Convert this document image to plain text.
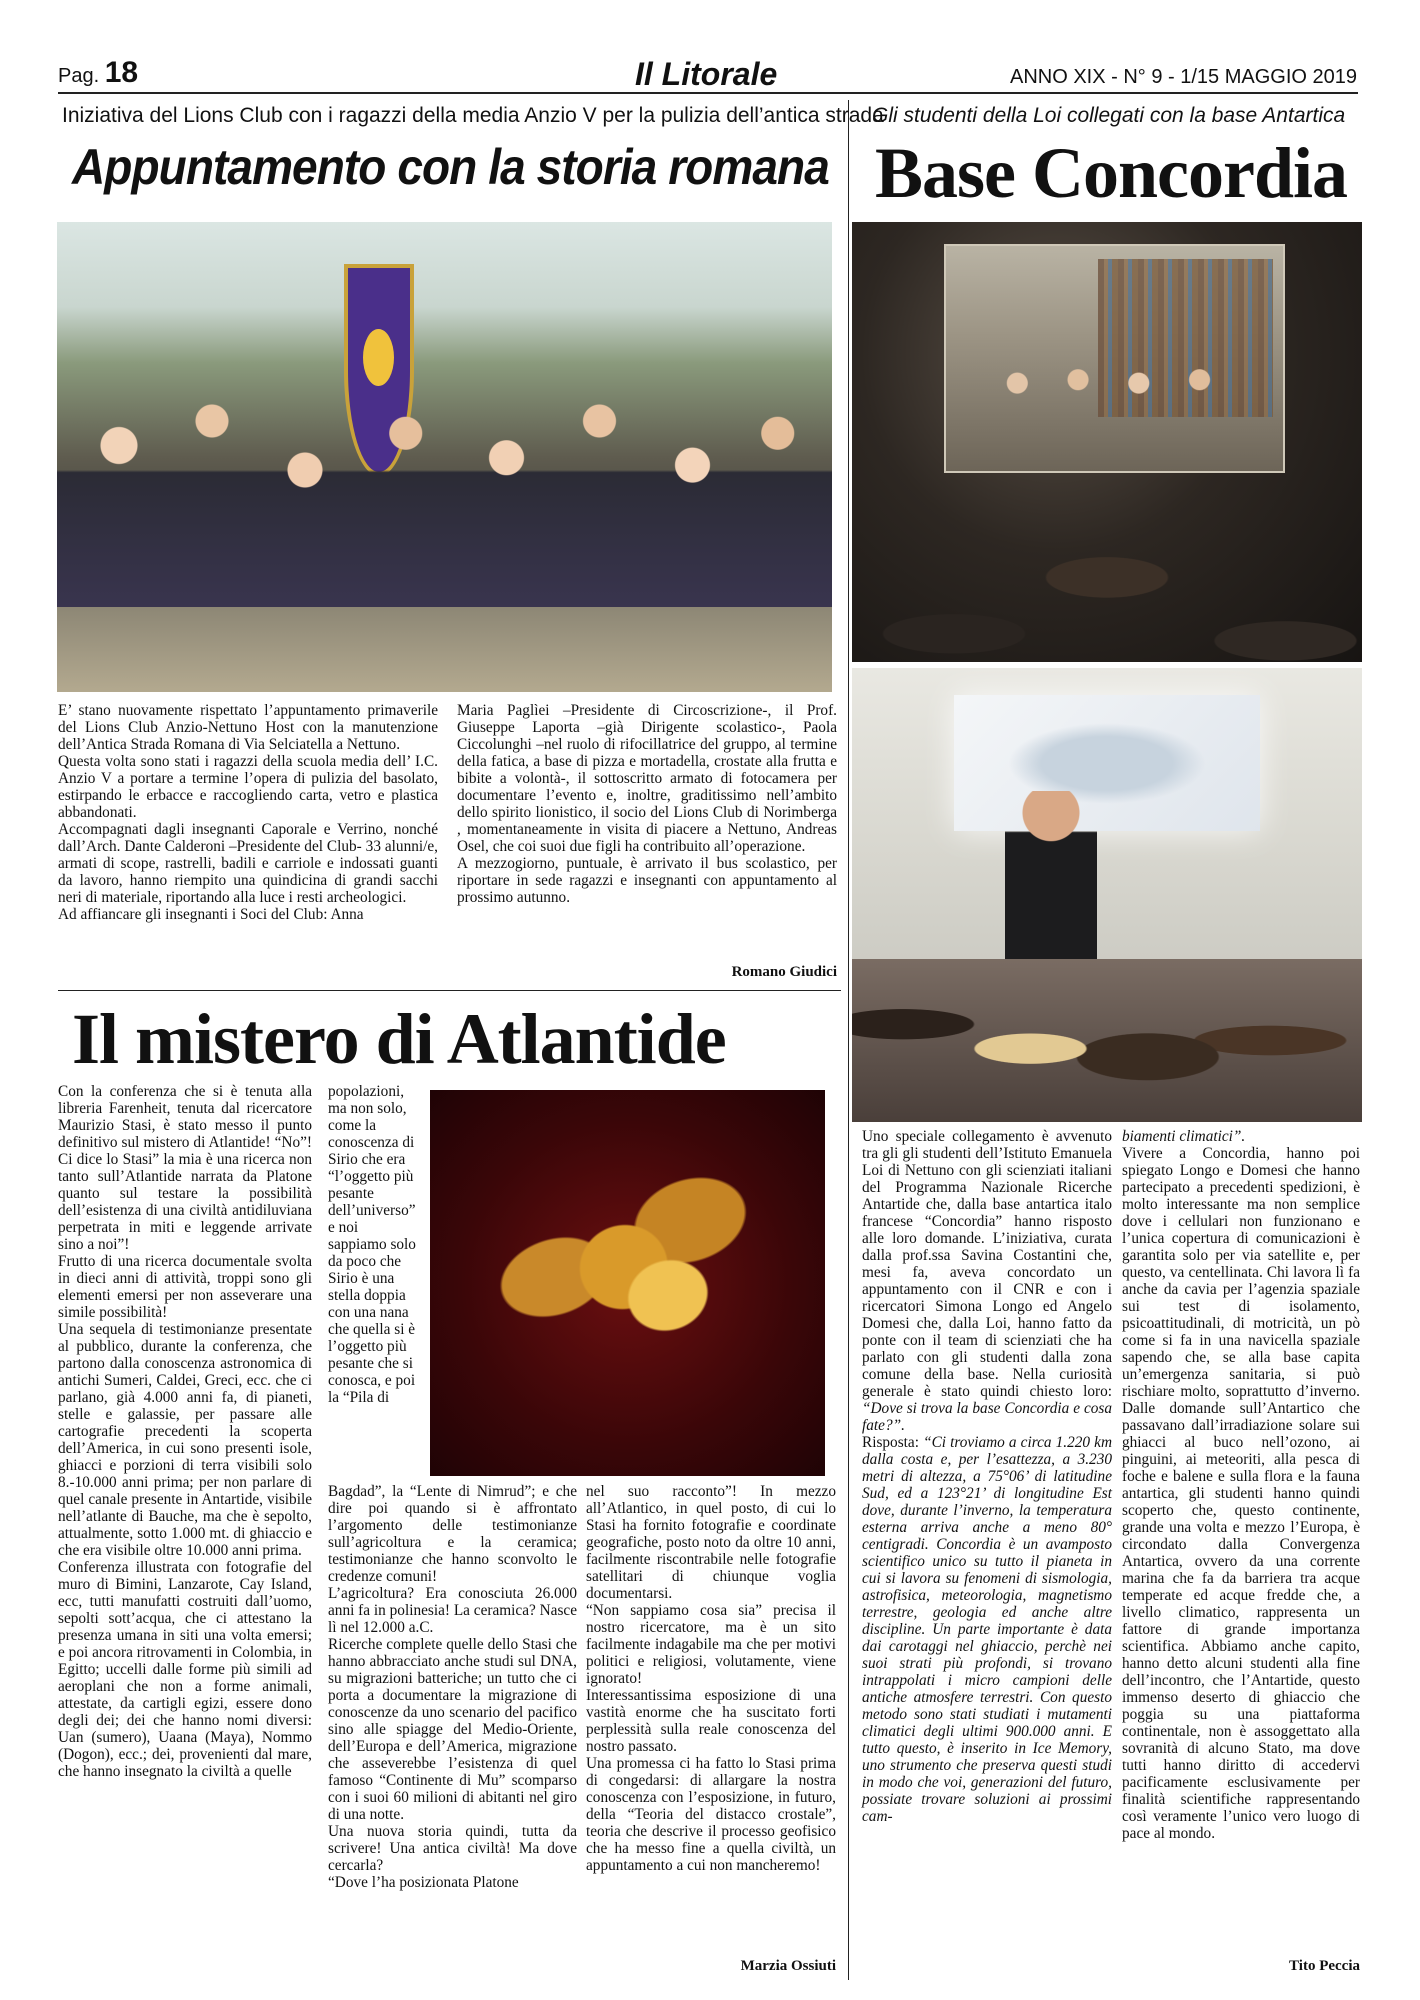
Pag. 18	Il Litorale	ANNO XIX - N° 9 - 1/15 MAGGIO 2019
Iniziativa del Lions Club con i ragazzi della media Anzio V per la pulizia dell’antica strada
Appuntamento con la storia romana

E’ stano nuovamente rispettato l’appuntamento primaverile del Lions Club Anzio-Nettuno Host con la manutenzione dell’Antica Strada Romana di Via Selciatella a Nettuno.

Questa volta sono stati i ragazzi della scuola media dell’ I.C. Anzio V a portare a termine l’opera di pulizia del basolato, estirpando le erbacce e raccogliendo carta, vetro e plastica abbandonati.

Accompagnati dagli insegnanti Caporale e Verrino, nonché dall’Arch. Dante Calderoni –Presidente del Club- 33 alunni/e, armati di scope, rastrelli, badili e carriole e indossati guanti da lavoro, hanno riempito una quindicina di grandi sacchi neri di materiale, riportando alla luce i resti archeologici.

Ad affiancare gli insegnanti i Soci del Club: Anna

Maria Paglìei –Presidente di Circoscrizione-, il Prof. Giuseppe Laporta –già Dirigente scolastico-, Paola Ciccolunghi –nel ruolo di rifocillatrice del gruppo, al termine della fatica, a base di pizza e mortadella, crostate alla frutta e bibite a volontà-, il sottoscritto armato di fotocamera per documentare l’evento e, inoltre, graditissimo nell’ambito dello spirito lionistico, il socio del Lions Club di Norimberga , momentaneamente in visita di piacere a Nettuno, Andreas Osel, che coi suoi due figli ha contribuito all’operazione.

A mezzogiorno, puntuale, è arrivato il bus scolastico, per riportare in sede ragazzi e insegnanti con appuntamento al prossimo autunno.

Romano Giudici
Il mistero di Atlantide

Con la conferenza che si è tenuta alla libreria Farenheit, tenuta dal ricercatore Maurizio Stasi, è stato messo il punto definitivo sul mistero di Atlantide! “No”! Ci dice lo Stasi” la mia è una ricerca non tanto sull’Atlantide narrata da Platone quanto sul testare la possibilità dell’esistenza di una civiltà antidiluviana perpetrata in miti e leggende arrivate sino a noi”!

Frutto di una ricerca documentale svolta in dieci anni di attività, troppi sono gli elementi emersi per non asseverare una simile possibilità!

Una sequela di testimonianze presentate al pubblico, durante la conferenza, che partono dalla conoscenza astronomica di antichi Sumeri, Caldei, Greci, ecc. che ci parlano, già 4.000 anni fa, di pianeti, stelle e galassie, per passare alle cartografie precedenti la scoperta dell’America, in cui sono presenti isole, ghiacci e porzioni di terra visibili solo 8.-10.000 anni prima; per non parlare di quel canale presente in Antartide, visibile nell’atlante di Bauche, ma che è sepolto, attualmente, sotto 1.000 mt. di ghiaccio e che era visibile oltre 10.000 anni prima.

Conferenza illustrata con fotografie del muro di Bimini, Lanzarote, Cay Island, ecc, tutti manufatti costruiti dall’uomo, sepolti sott’acqua, che ci attestano la presenza umana in siti una volta emersi; e poi ancora ritrovamenti in Colombia, in Egitto; uccelli dalle forme più simili ad aeroplani che non a forme animali, attestate, da cartigli egizi, essere dono degli dei; dei che hanno nomi diversi: Uan (sumero), Uaana (Maya), Nommo (Dogon), ecc.; dei, provenienti dal mare, che hanno insegnato la civiltà a quelle

popolazioni, ma non solo, come la conoscenza di Sirio che era “l’oggetto più pesante dell’universo” e noi sappiamo solo da poco che Sirio è una stella doppia con una nana che quella si è l’oggetto più pesante che si conosca, e poi la “Pila di

Bagdad”, la “Lente di Nimrud”; e che dire poi quando si è affrontato l’argomento delle testimonianze sull’agricoltura e la ceramica; testimonianze che hanno sconvolto le credenze comuni!

L’agricoltura? Era conosciuta 26.000 anni fa in polinesia! La ceramica? Nasce lì nel 12.000 a.C.

Ricerche complete quelle dello Stasi che hanno abbracciato anche studi sul DNA, su migrazioni batteriche; un tutto che ci porta a documentare la migrazione di conoscenze da uno scenario del pacifico sino alle spiagge del Medio-Oriente, dell’Europa e dell’America, migrazione che asseverebbe l’esistenza di quel famoso “Continente di Mu” scomparso con i suoi 60 milioni di abitanti nel giro di una notte.

Una nuova storia quindi, tutta da scrivere! Una antica civiltà! Ma dove cercarla?

“Dove l’ha posizionata Platone

nel suo racconto”! In mezzo all’Atlantico, in quel posto, di cui lo Stasi ha fornito fotografie e coordinate geografiche, posto noto da oltre 10 anni, facilmente riscontrabile nelle fotografie satellitari di chiunque voglia documentarsi.

“Non sappiamo cosa sia” precisa il nostro ricercatore, ma è un sito facilmente indagabile ma che per motivi politici e religiosi, volutamente, viene ignorato!

Interessantissima esposizione di una vastità enorme che ha suscitato forti perplessità sulla reale conoscenza del nostro passato.

Una promessa ci ha fatto lo Stasi prima di congedarsi: di allargare la nostra conoscenza con l’esposizione, in futuro, della “Teoria del distacco crostale”, teoria che descrive il processo geofisico che ha messo fine a quella civiltà, un appuntamento a cui non mancheremo!

Marzia Ossiuti
Gli studenti della Loi collegati con la base Antartica
Base Concordia

Uno speciale collegamento è avvenuto tra gli gli studenti dell’Istituto Emanuela Loi di Nettuno con gli scienziati italiani del Programma Nazionale Ricerche Antartide che, dalla base antartica italo francese “Concordia” hanno risposto alle loro domande. L’iniziativa, curata dalla prof.ssa Savina Costantini che, mesi fa, aveva concordato un appuntamento con il CNR e con i ricercatori Simona Longo ed Angelo Domesi che, dalla Loi, hanno fatto da ponte con il team di scienziati che ha parlato con gli studenti dalla zona comune della base. Nella curiosità generale è stato quindi chiesto loro: “Dove si trova la base Concordia e cosa fate?”.

Risposta: “Ci troviamo a circa 1.220 km dalla costa e, per l’esattezza, a 3.230 metri di altezza, a 75°06’ di latitudine Sud, ed a 123°21’ di longitudine Est dove, durante l’inverno, la temperatura esterna arriva anche a meno 80° centigradi. Concordia è un avamposto scientifico unico su tutto il pianeta in cui si lavora su fenomeni di sismologia, astrofisica, meteorologia, magnetismo terrestre, geologia ed anche altre discipline. Un parte importante è data dai carotaggi nel ghiaccio, perchè nei suoi strati più profondi, si trovano intrappolati i micro campioni delle antiche atmosfere terrestri. Con questo metodo sono stati studiati i mutamenti climatici degli ultimi 900.000 anni. E tutto questo, è inserito in Ice Memory, uno strumento che preserva questi studi in modo che voi, generazioni del futuro, possiate trovare soluzioni ai prossimi cam-

biamenti climatici”.

Vivere a Concordia, hanno poi spiegato Longo e Domesi che hanno partecipato a precedenti spedizioni, è molto interessante ma non semplice dove i cellulari non funzionano e l’unica copertura di comunicazioni è garantita solo per via satellite e, per questo, va centellinata. Chi lavora lì fa anche da cavia per l’agenzia spaziale sui test di isolamento, psicoattitudinali, di motricità, un pò come si fa in una navicella spaziale sapendo che, se alla base capita un’emergenza sanitaria, si può rischiare molto, soprattutto d’inverno. Dalle domande sull’Antartico che passavano dall’irradiazione solare sui ghiacci al buco nell’ozono, ai pinguini, ai meteoriti, alla pesca di foche e balene e sulla flora e la fauna antartica, gli studenti hanno quindi scoperto che, questo continente, grande una volta e mezzo l’Europa, è circondato dalla Convergenza Antartica, ovvero da una corrente marina che fa da barriera tra acque temperate ed acque fredde che, a livello climatico, rappresenta un fattore di grande importanza scientifica. Abbiamo anche capito, hanno detto alcuni studenti alla fine dell’incontro, che l’Antartide, questo immenso deserto di ghiaccio che poggia su una piattaforma continentale, non è assoggettato alla sovranità di alcuno Stato, ma dove tutti hanno diritto di accedervi pacificamente esclusivamente per finalità scientifiche rappresentando così veramente l’unico vero luogo di pace al mondo.

Tito Peccia
